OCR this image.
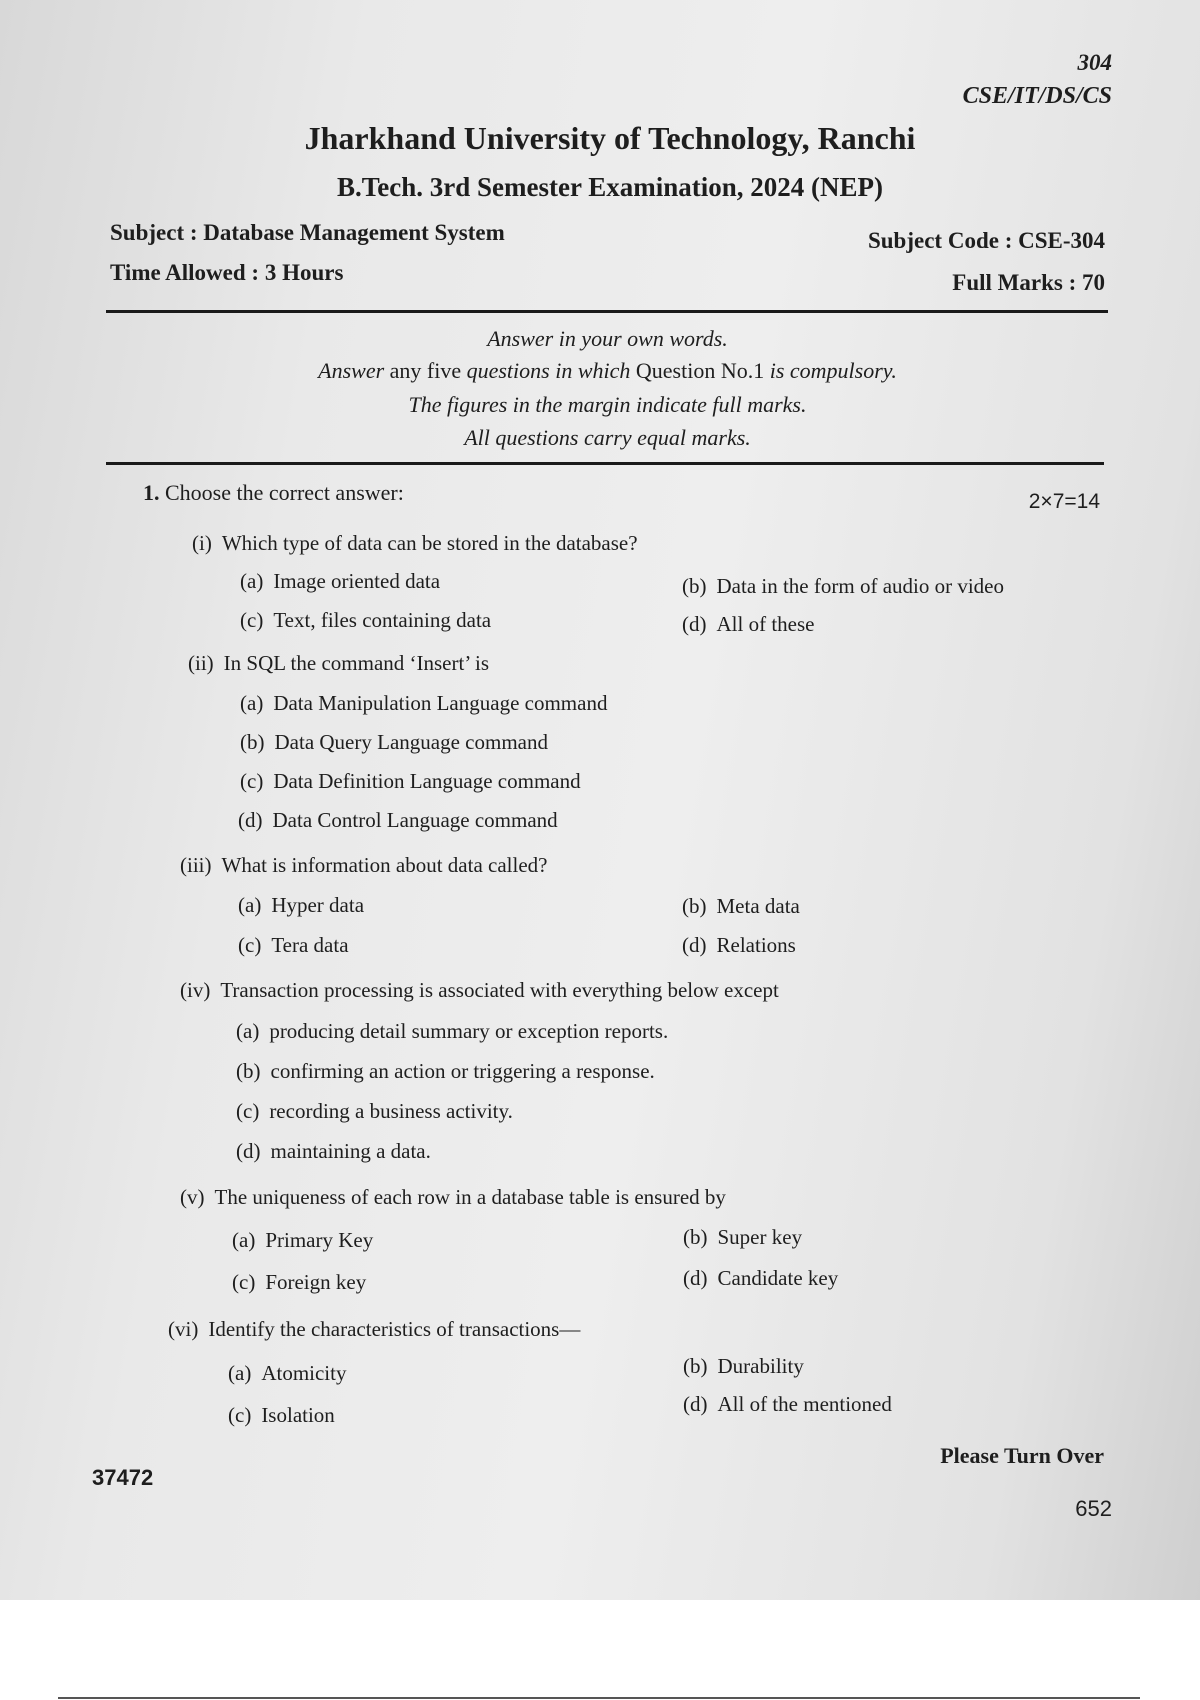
304
CSE/IT/DS/CS
Jharkhand University of Technology, Ranchi
B.Tech. 3rd Semester Examination, 2024 (NEP)
Subject : Database Management System	Subject Code : CSE-304
Time Allowed : 3 Hours	Full Marks : 70
Answer in your own words.
Answer any five questions in which Question No.1 is compulsory.
The figures in the margin indicate full marks.
All questions carry equal marks.
1. Choose the correct answer:	2×7=14
(i) Which type of data can be stored in the database?
(a) Image oriented data	(b) Data in the form of audio or video
(c) Text, files containing data	(d) All of these
(ii) In SQL the command ‘Insert’ is
(a) Data Manipulation Language command
(b) Data Query Language command
(c) Data Definition Language command
(d) Data Control Language command
(iii) What is information about data called?
(a) Hyper data	(b) Meta data
(c) Tera data	(d) Relations
(iv) Transaction processing is associated with everything below except
(a) producing detail summary or exception reports.
(b) confirming an action or triggering a response.
(c) recording a business activity.
(d) maintaining a data.
(v) The uniqueness of each row in a database table is ensured by
(a) Primary Key	(b) Super key
(c) Foreign key	(d) Candidate key
(vi) Identify the characteristics of transactions—
(a) Atomicity	(b) Durability
(c) Isolation	(d) All of the mentioned
Please Turn Over
37472
652
